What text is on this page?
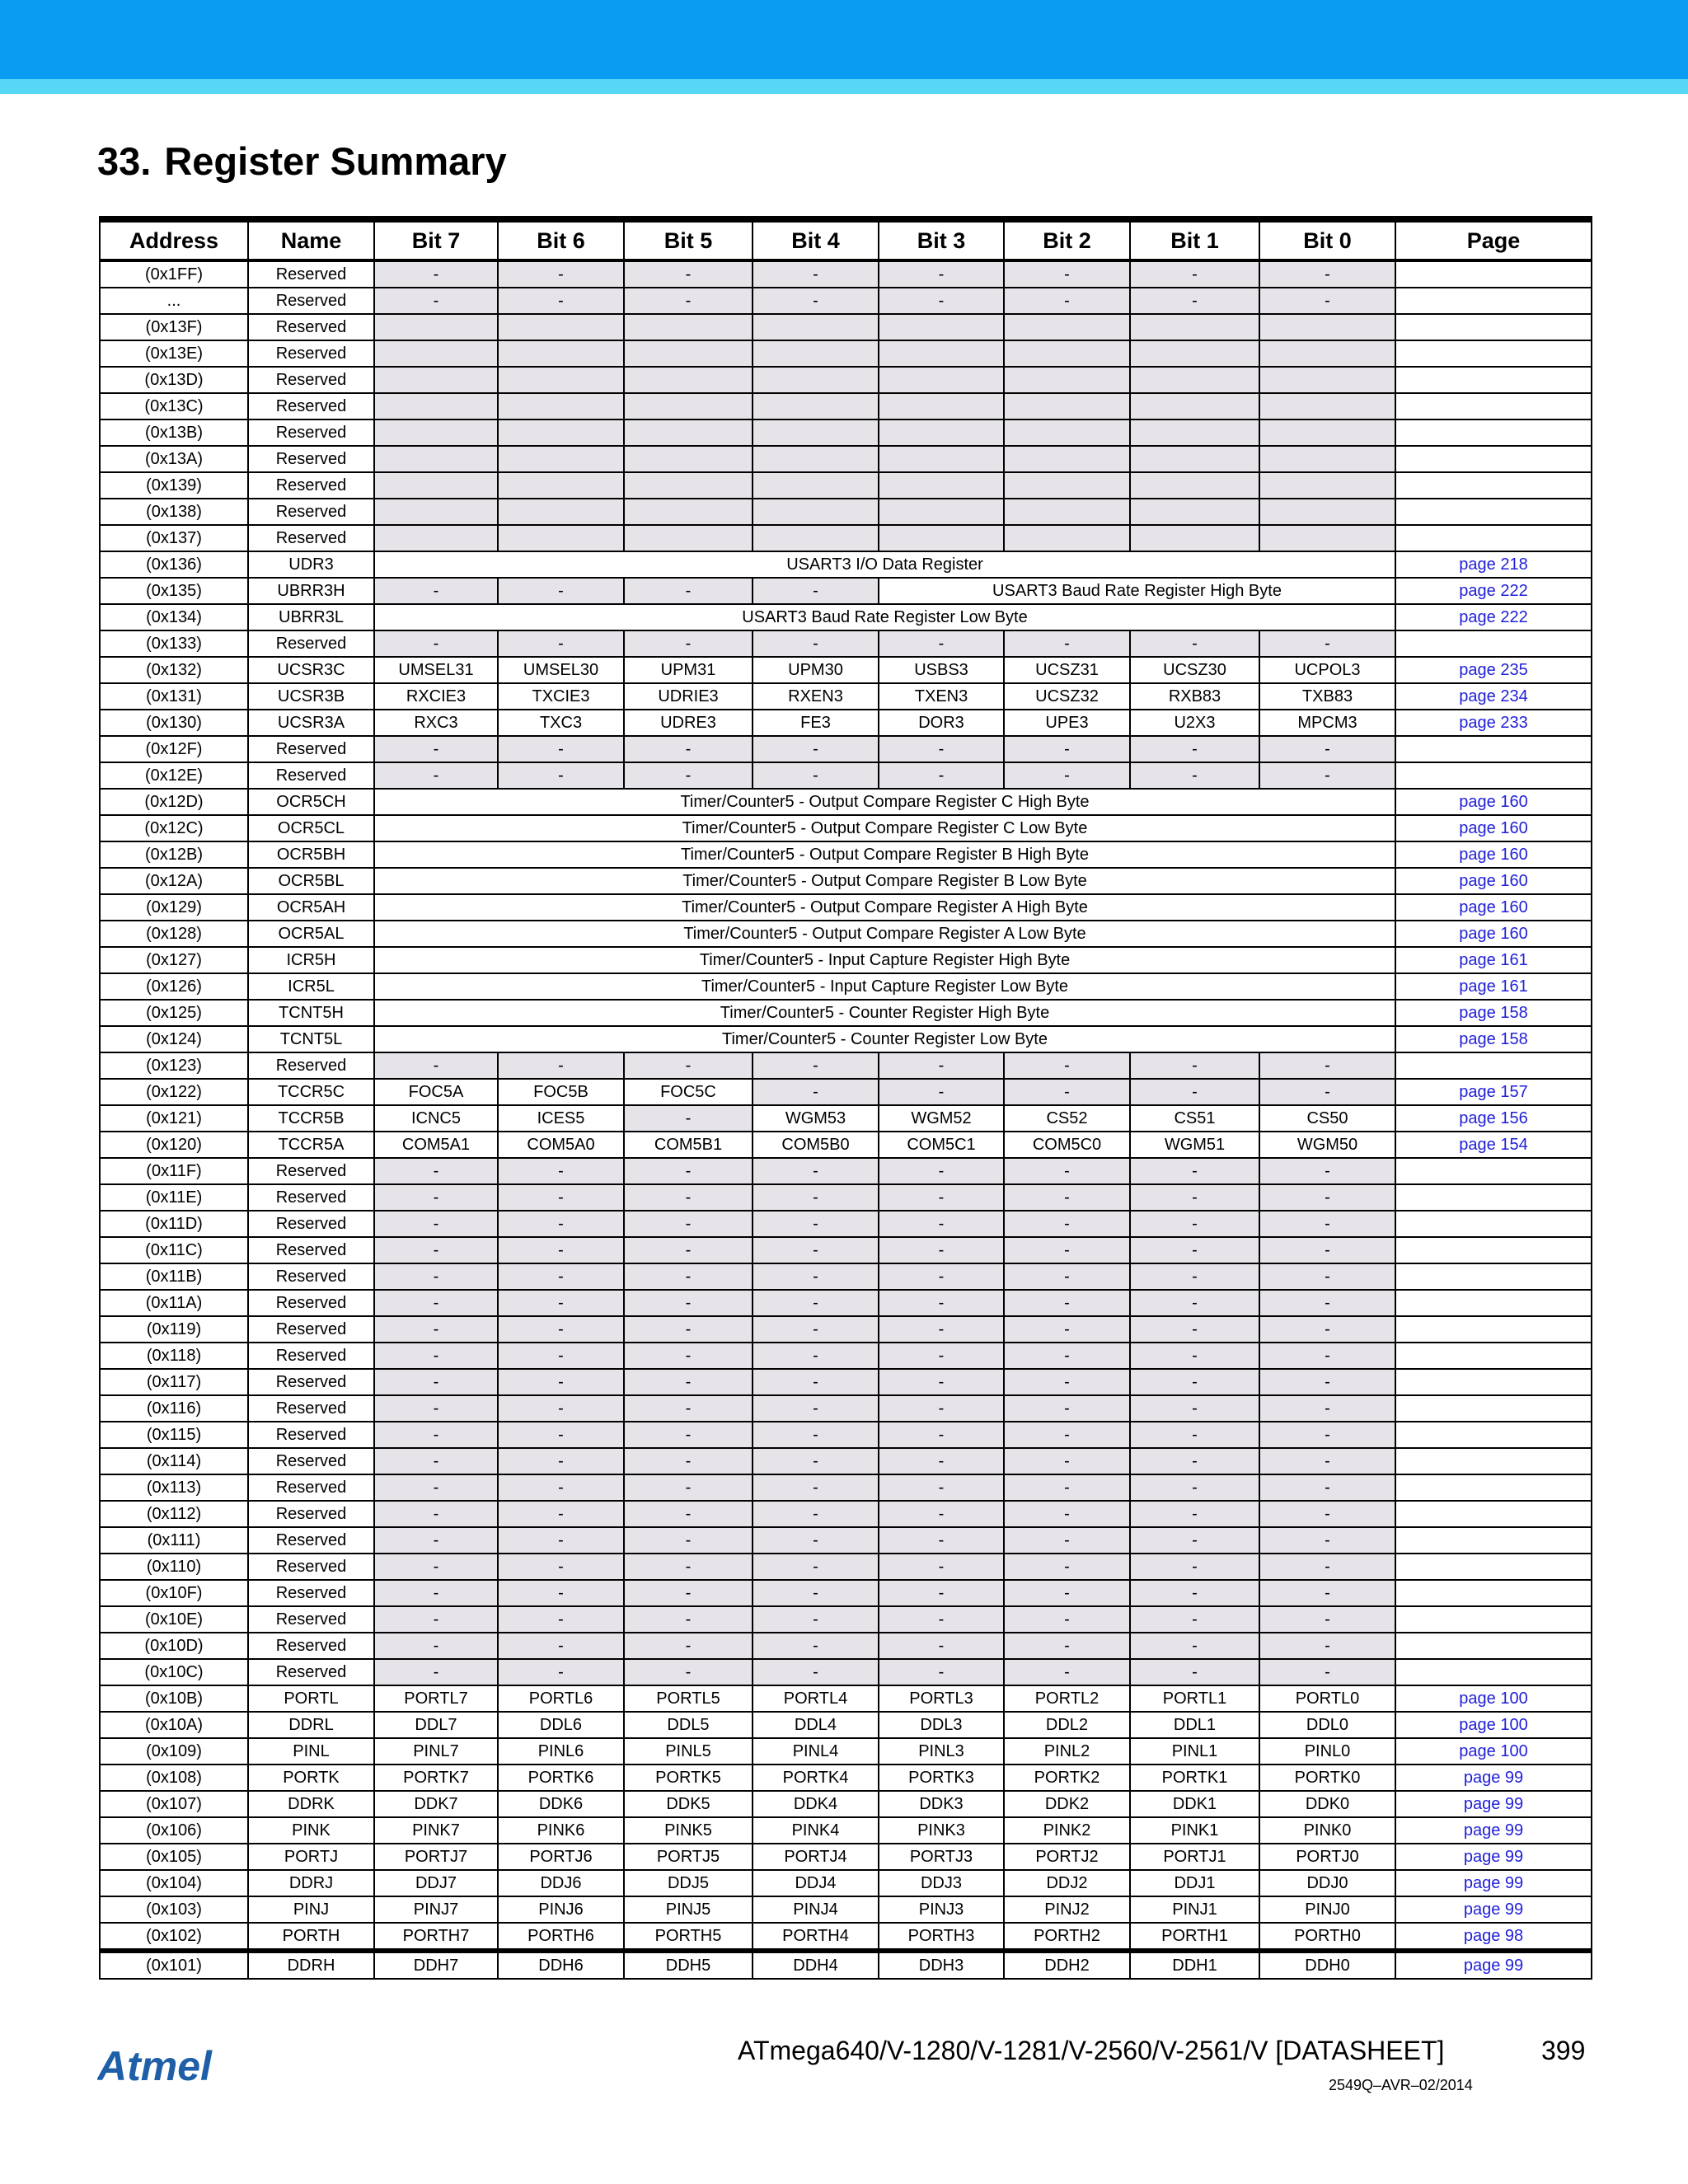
33. Register Summary
Address	Name	Bit 7	Bit 6	Bit 5	Bit 4	Bit 3	Bit 2	Bit 1	Bit 0	Page
(0x1FF)	Reserved	-	-	-	-	-	-	-	-	
...	Reserved	-	-	-	-	-	-	-	-	
(0x13F)	Reserved									
(0x13E)	Reserved									
(0x13D)	Reserved									
(0x13C)	Reserved									
(0x13B)	Reserved									
(0x13A)	Reserved									
(0x139)	Reserved									
(0x138)	Reserved									
(0x137)	Reserved									
(0x136)	UDR3	USART3 I/O Data Register								page 218
(0x135)	UBRR3H	-	-	-	-	USART3 Baud Rate Register High Byte				page 222
(0x134)	UBRR3L	USART3 Baud Rate Register Low Byte								page 222
(0x133)	Reserved	-	-	-	-	-	-	-	-	
(0x132)	UCSR3C	UMSEL31	UMSEL30	UPM31	UPM30	USBS3	UCSZ31	UCSZ30	UCPOL3	page 235
(0x131)	UCSR3B	RXCIE3	TXCIE3	UDRIE3	RXEN3	TXEN3	UCSZ32	RXB83	TXB83	page 234
(0x130)	UCSR3A	RXC3	TXC3	UDRE3	FE3	DOR3	UPE3	U2X3	MPCM3	page 233
(0x12F)	Reserved	-	-	-	-	-	-	-	-	
(0x12E)	Reserved	-	-	-	-	-	-	-	-	
(0x12D)	OCR5CH	Timer/Counter5 - Output Compare Register C High Byte								page 160
(0x12C)	OCR5CL	Timer/Counter5 - Output Compare Register C Low Byte								page 160
(0x12B)	OCR5BH	Timer/Counter5 - Output Compare Register B High Byte								page 160
(0x12A)	OCR5BL	Timer/Counter5 - Output Compare Register B Low Byte								page 160
(0x129)	OCR5AH	Timer/Counter5 - Output Compare Register A High Byte								page 160
(0x128)	OCR5AL	Timer/Counter5 - Output Compare Register A Low Byte								page 160
(0x127)	ICR5H	Timer/Counter5 - Input Capture Register High Byte								page 161
(0x126)	ICR5L	Timer/Counter5 - Input Capture Register Low Byte								page 161
(0x125)	TCNT5H	Timer/Counter5 - Counter Register High Byte								page 158
(0x124)	TCNT5L	Timer/Counter5 - Counter Register Low Byte								page 158
(0x123)	Reserved	-	-	-	-	-	-	-	-	
(0x122)	TCCR5C	FOC5A	FOC5B	FOC5C	-	-	-	-	-	page 157
(0x121)	TCCR5B	ICNC5	ICES5	-	WGM53	WGM52	CS52	CS51	CS50	page 156
(0x120)	TCCR5A	COM5A1	COM5A0	COM5B1	COM5B0	COM5C1	COM5C0	WGM51	WGM50	page 154
(0x11F)	Reserved	-	-	-	-	-	-	-	-	
(0x11E)	Reserved	-	-	-	-	-	-	-	-	
(0x11D)	Reserved	-	-	-	-	-	-	-	-	
(0x11C)	Reserved	-	-	-	-	-	-	-	-	
(0x11B)	Reserved	-	-	-	-	-	-	-	-	
(0x11A)	Reserved	-	-	-	-	-	-	-	-	
(0x119)	Reserved	-	-	-	-	-	-	-	-	
(0x118)	Reserved	-	-	-	-	-	-	-	-	
(0x117)	Reserved	-	-	-	-	-	-	-	-	
(0x116)	Reserved	-	-	-	-	-	-	-	-	
(0x115)	Reserved	-	-	-	-	-	-	-	-	
(0x114)	Reserved	-	-	-	-	-	-	-	-	
(0x113)	Reserved	-	-	-	-	-	-	-	-	
(0x112)	Reserved	-	-	-	-	-	-	-	-	
(0x111)	Reserved	-	-	-	-	-	-	-	-	
(0x110)	Reserved	-	-	-	-	-	-	-	-	
(0x10F)	Reserved	-	-	-	-	-	-	-	-	
(0x10E)	Reserved	-	-	-	-	-	-	-	-	
(0x10D)	Reserved	-	-	-	-	-	-	-	-	
(0x10C)	Reserved	-	-	-	-	-	-	-	-	
(0x10B)	PORTL	PORTL7	PORTL6	PORTL5	PORTL4	PORTL3	PORTL2	PORTL1	PORTL0	page 100
(0x10A)	DDRL	DDL7	DDL6	DDL5	DDL4	DDL3	DDL2	DDL1	DDL0	page 100
(0x109)	PINL	PINL7	PINL6	PINL5	PINL4	PINL3	PINL2	PINL1	PINL0	page 100
(0x108)	PORTK	PORTK7	PORTK6	PORTK5	PORTK4	PORTK3	PORTK2	PORTK1	PORTK0	page 99
(0x107)	DDRK	DDK7	DDK6	DDK5	DDK4	DDK3	DDK2	DDK1	DDK0	page 99
(0x106)	PINK	PINK7	PINK6	PINK5	PINK4	PINK3	PINK2	PINK1	PINK0	page 99
(0x105)	PORTJ	PORTJ7	PORTJ6	PORTJ5	PORTJ4	PORTJ3	PORTJ2	PORTJ1	PORTJ0	page 99
(0x104)	DDRJ	DDJ7	DDJ6	DDJ5	DDJ4	DDJ3	DDJ2	DDJ1	DDJ0	page 99
(0x103)	PINJ	PINJ7	PINJ6	PINJ5	PINJ4	PINJ3	PINJ2	PINJ1	PINJ0	page 99
(0x102)	PORTH	PORTH7	PORTH6	PORTH5	PORTH4	PORTH3	PORTH2	PORTH1	PORTH0	page 98
(0x101)	DDRH	DDH7	DDH6	DDH5	DDH4	DDH3	DDH2	DDH1	DDH0	page 99
Atmel	ATmega640/V-1280/V-1281/V-2560/V-2561/V [DATASHEET]	399
2549Q–AVR–02/2014
